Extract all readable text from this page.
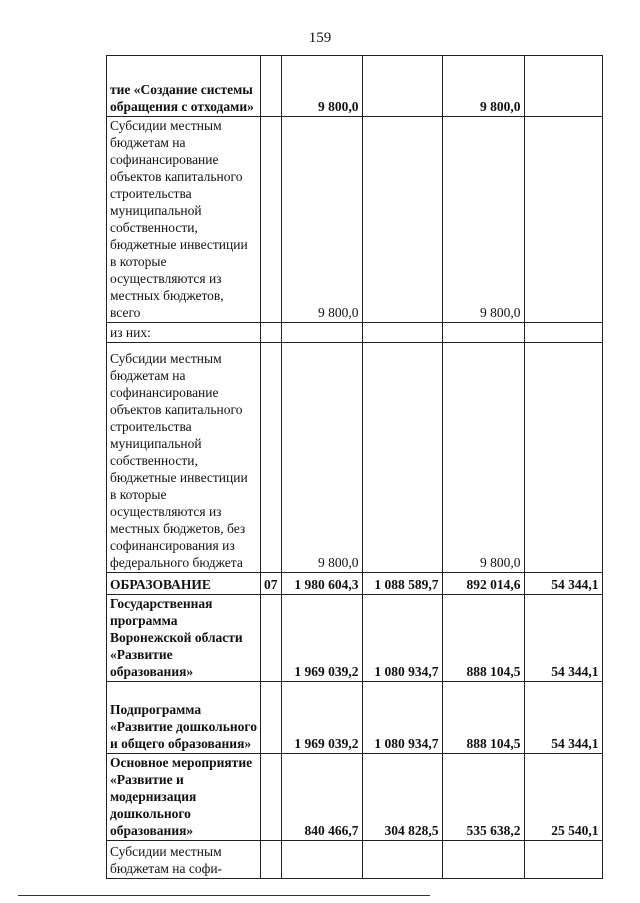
159
тие «Создание системы обращения с отходами»		9 800,0		9 800,0	
Субсидии местным бюджетам на софинансирование объектов капитального строительства муниципальной собственности, бюджетные инвестиции в которые осуществляются из местных бюджетов, всего		9 800,0		9 800,0	
из них:					
Субсидии местным бюджетам на софинансирование объектов капитального строительства муниципальной собственности, бюджетные инвестиции в которые осуществляются из местных бюджетов, без софинансирования из федерального бюджета		9 800,0		9 800,0	
ОБРАЗОВАНИЕ	07	1 980 604,3	1 088 589,7	892 014,6	54 344,1
Государственная программа Воронежской области «Развитие образования»		1 969 039,2	1 080 934,7	888 104,5	54 344,1
Подпрограмма «Развитие дошкольного и общего образования»		1 969 039,2	1 080 934,7	888 104,5	54 344,1
Основное мероприятие «Развитие и модернизация дошкольного образования»		840 466,7	304 828,5	535 638,2	25 540,1
Субсидии местным бюджетам на софи-					
